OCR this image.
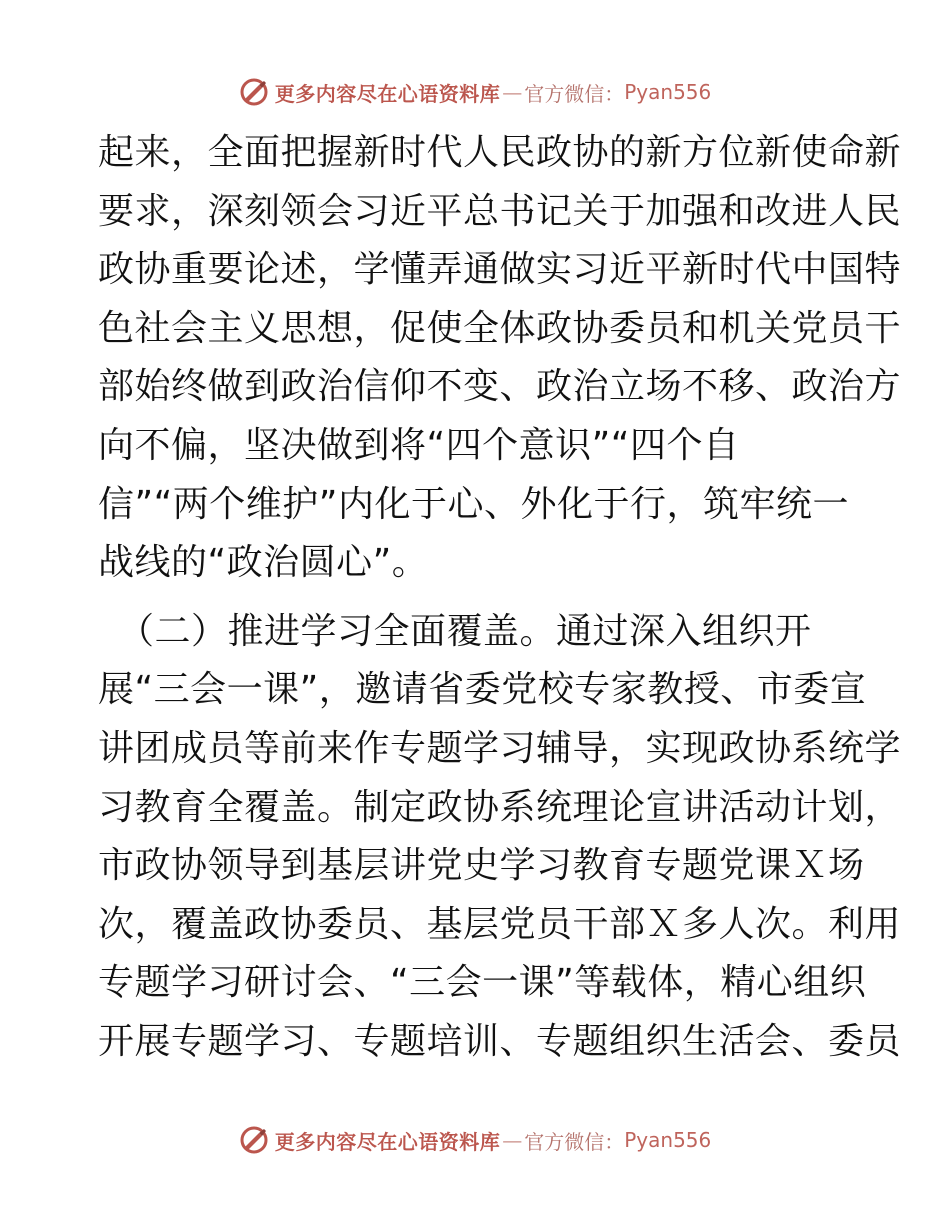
更多内容尽在心语资料库 — 官方微信： Pyan556
起来，全面把握新时代人民政协的新方位新使命新
要求，深刻领会习近平总书记关于加强和改进人民
政协重要论述，学懂弄通做实习近平新时代中国特
色社会主义思想，促使全体政协委员和机关党员干
部始终做到政治信仰不变、政治立场不移、政治方
向不偏，坚决做到将“四个意识”“四个自
信”“两个维护”内化于心、外化于行，筑牢统一
战线的“政治圆心”。
（二）推进学习全面覆盖。通过深入组织开
展“三会一课”，邀请省委党校专家教授、市委宣
讲团成员等前来作专题学习辅导，实现政协系统学
习教育全覆盖。制定政协系统理论宣讲活动计划，
市政协领导到基层讲党史学习教育专题党课Ｘ场
次，覆盖政协委员、基层党员干部Ｘ多人次。利用
专题学习研讨会、“三会一课”等载体，精心组织
开展专题学习、专题培训、专题组织生活会、委员
更多内容尽在心语资料库 — 官方微信： Pyan556
